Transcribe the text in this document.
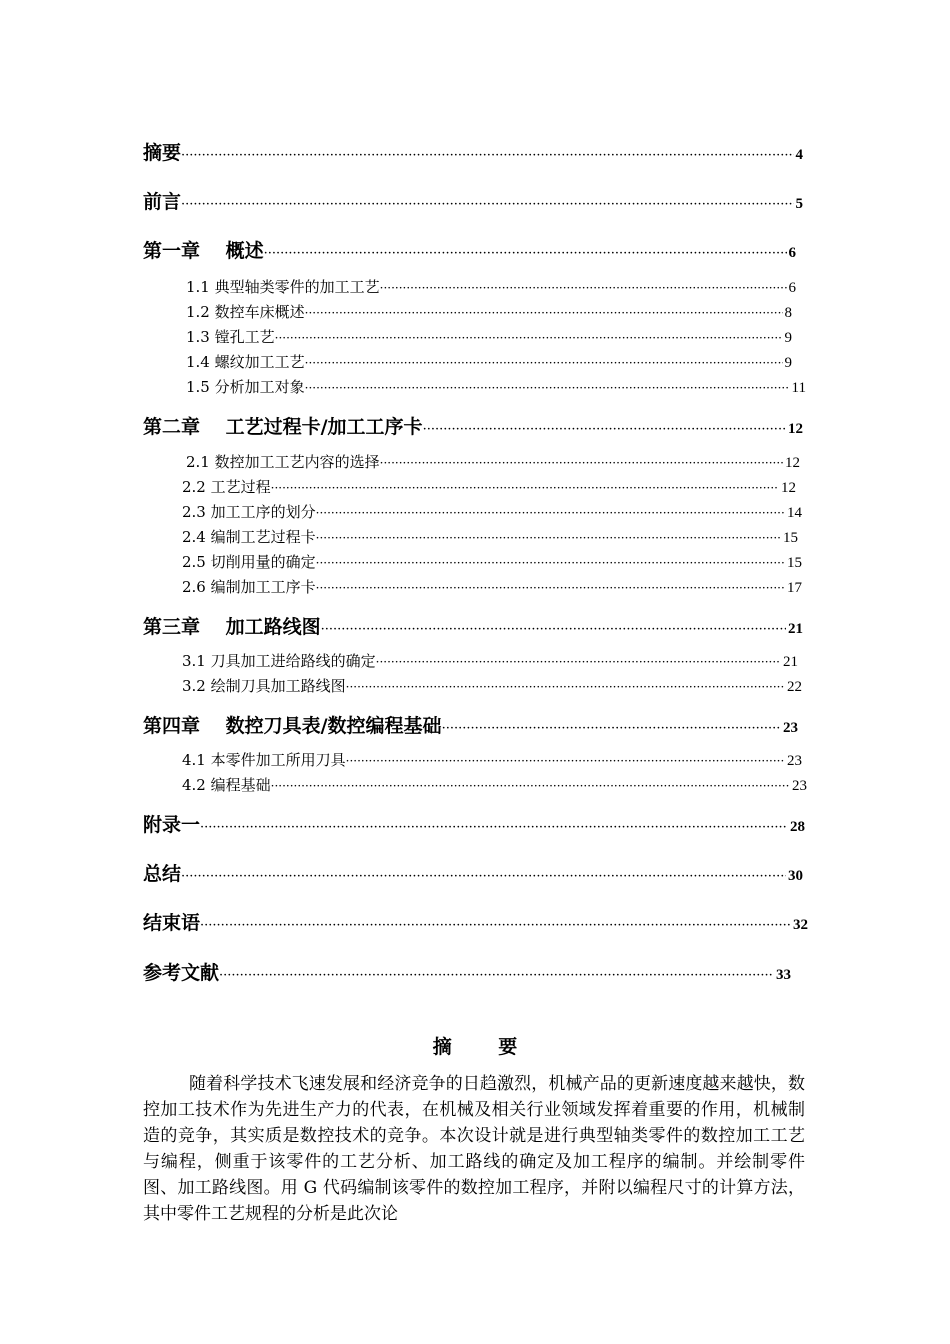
摘要 ·····	4
前言 ·····	5
第一章　 概述 ·····	6
1.1 典型轴类零件的加工工艺 ·····	6
1.2 数控车床概述 ·····	8
1.3 镗孔工艺 ·····	9
1.4 螺纹加工工艺 ·····	9
1.5 分析加工对象 ·····	11
第二章　 工艺过程卡/加工工序卡 ·····	12
2.1 数控加工工艺内容的选择 ·····	12
2.2 工艺过程 ·····	12
2.3 加工工序的划分 ·····	14
2.4 编制工艺过程卡 ·····	15
2.5 切削用量的确定 ·····	15
2.6 编制加工工序卡 ·····	17
第三章　 加工路线图 ·····	21
3.1 刀具加工进给路线的确定 ·····	21
3.2 绘制刀具加工路线图 ·····	22
第四章　 数控刀具表/数控编程基础 ·····	23
4.1 本零件加工所用刀具 ·····	23
4.2 编程基础 ·····	23
附录一 ·····	28
总结 ·····	30
结束语 ·····	32
参考文献 ·····	33
摘 要
随着科学技术飞速发展和经济竞争的日趋激烈，机械产品的更新速度越来越快，数控加工技术作为先进生产力的代表，在机械及相关行业领域发挥着重要的作用，机械制造的竞争，其实质是数控技术的竞争。本次设计就是进行典型轴类零件的数控加工工艺与编程，侧重于该零件的工艺分析、加工路线的确定及加工程序的编制。并绘制零件图、加工路线图。用 G 代码编制该零件的数控加工程序，并附以编程尺寸的计算方法，其中零件工艺规程的分析是此次论
